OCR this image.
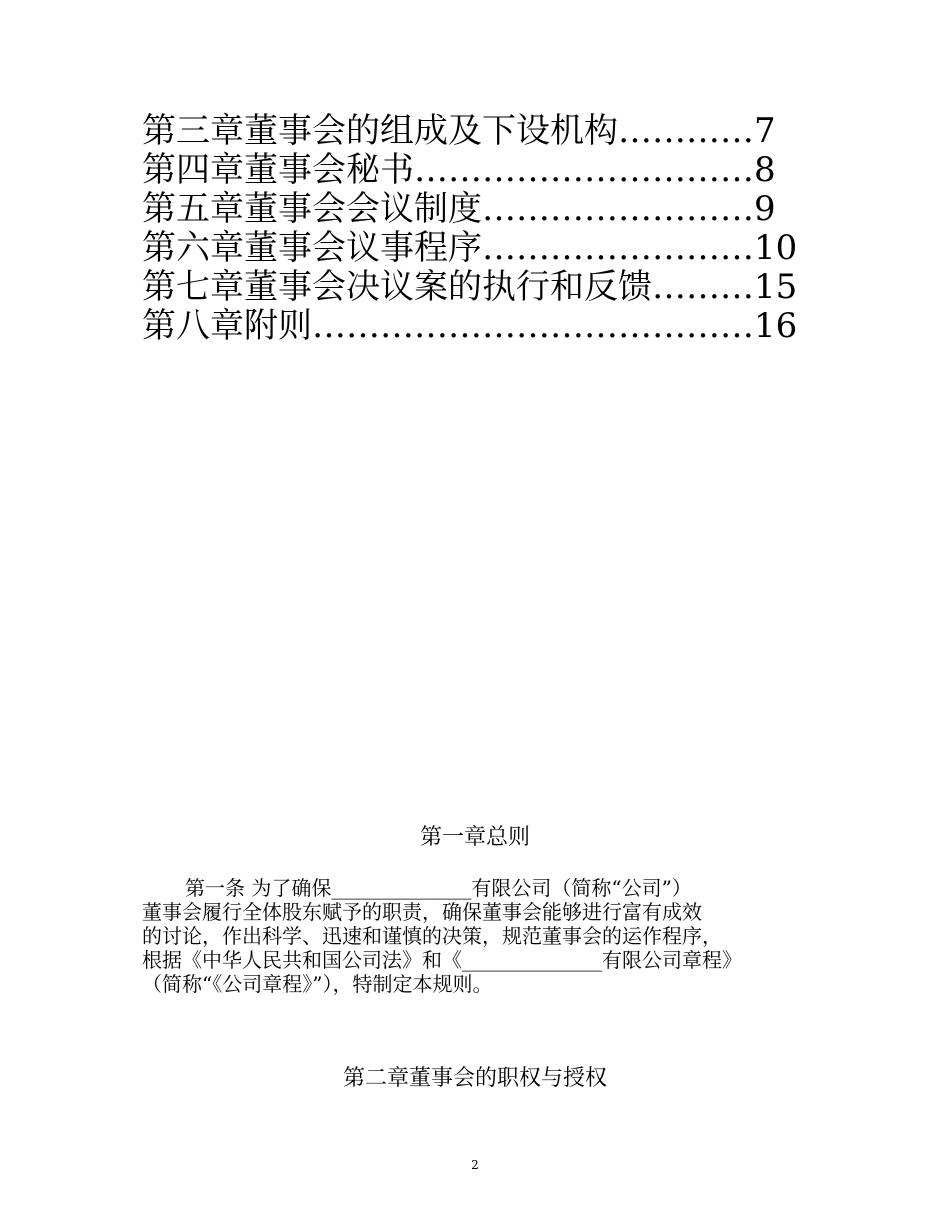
第三章董事会的组成及下设机构…………7
第四章董事会秘书…………………………8
第五章董事会会议制度……………………9
第六章董事会议事程序……………………10
第七章董事会决议案的执行和反馈………15
第八章附则…………………………………16
第一章总则

第一条 为了确保______________有限公司（简称“公司”）

董事会履行全体股东赋予的职责，确保董事会能够进行富有成效

的讨论，作出科学、迅速和谨慎的决策，规范董事会的运作程序，

根据《中华人民共和国公司法》和《______________有限公司章程》

（简称“《公司章程》”），特制定本规则。

第二章董事会的职权与授权
2
